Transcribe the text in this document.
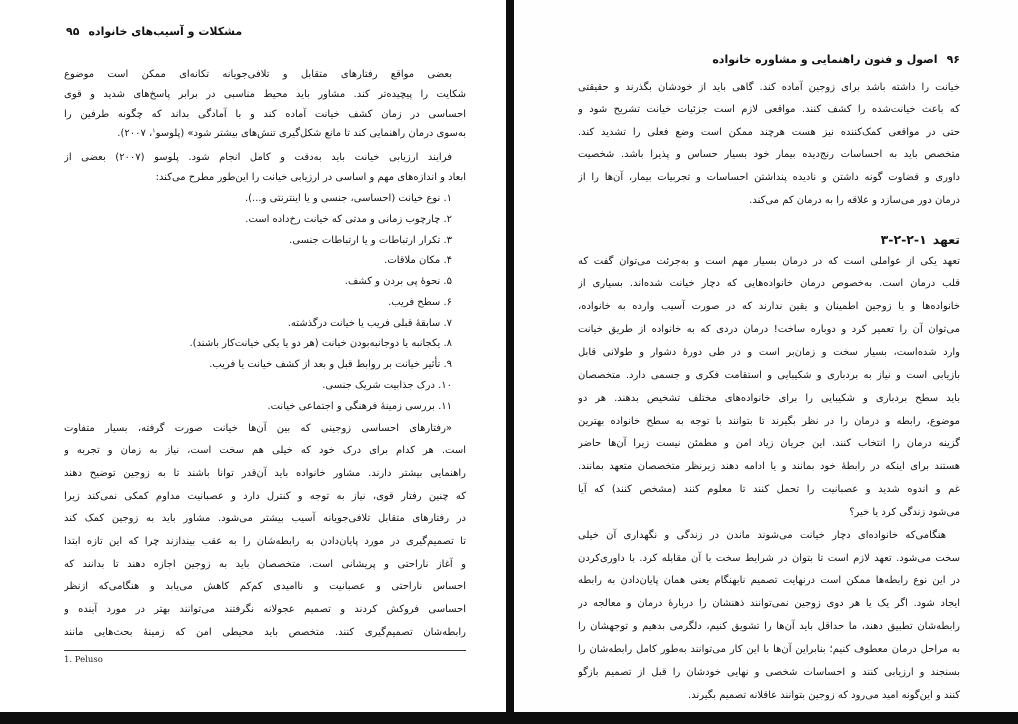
مشکلات و آسیب‌های خانواده
۹۵
بعضی مواقع رفتارهای متقابل و تلافی‌جویانه تکانه‌ای ممکن است موضوع
شکایت را پیچیده‌تر کند. مشاور باید محیط مناسبی در برابر پاسخ‌های شدید و قوی
احساسی در زمان کشف خیانت آماده کند و با آمادگی بداند که چگونه طرفین را
به‌سوی درمان راهنمایی کند تا مانع شکل‌گیری تنش‌های بیشتر شود» (پلوسو$^۱$، ۲۰۰۷).
فرایند ارزیابی خیانت باید به‌دقت و کامل انجام شود. پلوسو (۲۰۰۷) بعضی از
ابعاد و اندازه‌های مهم و اساسی در ارزیابی خیانت را این‌طور مطرح می‌کند:
۱. نوع خیانت (احساسی، جنسی و یا اینترنتی و...).
۲. چارچوب زمانی و مدتی که خیانت رخ‌داده است.
۳. تکرار ارتباطات و یا ارتباطات جنسی.
۴. مکان ملاقات.
۵. نحوهٔ پی بردن و کشف.
۶. سطح فریب.
۷. سابقهٔ قبلی فریب یا خیانت درگذشته.
۸. یکجانبه یا دوجانبه‌بودن خیانت (هر دو یا یکی خیانت‌کار باشند).
۹. تأثیر خیانت بر روابط قبل و بعد از کشف خیانت یا فریب.
۱۰. درک جذابیت شریک جنسی.
۱۱. بررسی زمینهٔ فرهنگی و اجتماعی خیانت.
«رفتارهای احساسی زوجینی که بین آن‌ها خیانت صورت گرفته، بسیار متفاوت
است. هر کدام برای درک خود که خیلی هم سخت است، نیاز به زمان و تجربه و
راهنمایی بیشتر دارند. مشاور خانواده باید آن‌قدر توانا باشند تا به زوجین توضیح دهند
که چنین رفتار قوی، نیاز به توجه و کنترل دارد و عصبانیت مداوم کمکی نمی‌کند زیرا
در رفتارهای متقابل تلافی‌جویانه آسیب بیشتر می‌شود. مشاور باید به زوجین کمک کند
تا تصمیم‌گیری در مورد پایان‌دادن به رابطه‌شان را به عقب بیندازند چرا که این تازه ابتدا
و آغاز ناراحتی و پریشانی است. متخصصان باید به زوجین اجازه دهند تا بدانند که
احساس ناراحتی و عصبانیت و ناامیدی کم‌کم کاهش می‌یابد و هنگامی‌که ازنظر
احساسی فروکش کردند و تصمیم عجولانه نگرفتند می‌توانند بهتر در مورد آینده و
رابطه‌شان تصمیم‌گیری کنند. متخصص باید محیطی امن که زمینهٔ بحث‌هایی مانند
1. Peluso
۹۶
اصول و فنون راهنمایی و مشاوره خانواده
خیانت را داشته باشد برای زوجین آماده کند. گاهی باید از خودشان بگذرند و حقیقتی
که باعث خیانت‌شده را کشف کنند. مواقعی لازم است جزئیات خیانت تشریح شود و
حتی در مواقعی کمک‌کننده نیز هست هرچند ممکن است وضع فعلی را تشدید کند.
متخصص باید به احساسات رنج‌دیده بیمار خود بسیار حساس و پذیرا باشد. شخصیت
داوری و قضاوت گونه داشتن و نادیده پنداشتن احساسات و تجربیات بیمار، آن‌ها را از
درمان دور می‌سازد و علاقه را به درمان کم می‌کند.
تعهد
۳-۲-۲-۱
تعهد یکی از عواملی است که در درمان بسیار مهم است و به‌جرئت می‌توان گفت که
قلب درمان است. به‌خصوص درمان خانواده‌هایی که دچار خیانت شده‌اند. بسیاری از
خانواده‌ها و یا زوجین اطمینان و یقین ندارند که در صورت آسیب وارده به خانواده،
می‌توان آن را تعمیر کرد و دوباره ساخت! درمان دردی که به خانواده از طریق خیانت
وارد شده‌است، بسیار سخت و زمان‌بر است و در طی دورهٔ دشوار و طولانی قابل
بازیابی است و نیاز به بردباری و شکیبایی و استقامت فکری و جسمی دارد. متخصصان
باید سطح بردباری و شکیبایی را برای خانواده‌های مختلف تشخیص بدهند. هر دو
موضوع، رابطه و درمان را در نظر بگیرند تا بتوانند با توجه به سطح خانواده بهترین
گزینه درمان را انتخاب کنند. این جریان زیاد امن و مطمئن نیست زیرا آن‌ها حاضر
هستند برای اینکه در رابطهٔ خود بمانند و یا ادامه دهند زیرنظر متخصصان متعهد بمانند.
غم و اندوه شدید و عصبانیت را تحمل کنند تا معلوم کنند (مشخص کنند) که آیا
می‌شود زندگی کرد یا خیر؟
هنگامی‌که خانواده‌ای دچار خیانت می‌شوند ماندن در زندگی و نگهداری آن خیلی
سخت می‌شود. تعهد لازم است تا بتوان در شرایط سخت با آن مقابله کرد. با داوری‌کردن
در این نوع رابطه‌ها ممکن است درنهایت تصمیم نابهنگام یعنی همان پایان‌دادن به رابطه
ایجاد شود. اگر یک یا هر دوی زوجین نمی‌توانند ذهنشان را دربارهٔ درمان و معالجه در
رابطه‌شان تطبیق دهند، ما حداقل باید آن‌ها را تشویق کنیم، دلگرمی بدهیم و توجهشان را
به مراحل درمان معطوف کنیم؛ بنابراین آن‌ها با این کار می‌توانند به‌طور کامل رابطه‌شان را
بسنجند و ارزیابی کنند و احساسات شخصی و نهایی خودشان را قبل از تصمیم بازگو
کنند و این‌گونه امید می‌رود که زوجین بتوانند عاقلانه تصمیم بگیرند.
